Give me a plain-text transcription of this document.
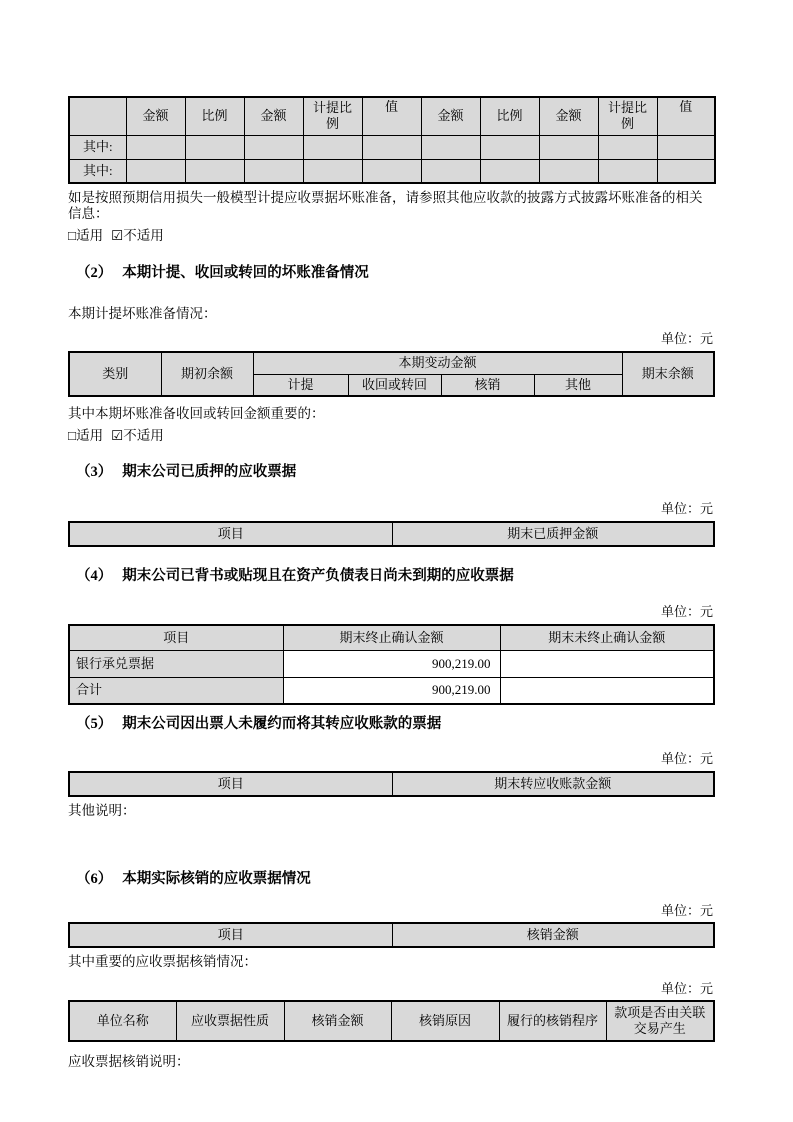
	金额	比例	金额	计提比例	值	金额	比例	金额	计提比例	值
其中:										
其中:										

如是按照预期信用损失一般模型计提应收票据坏账准备，请参照其他应收款的披露方式披露坏账准备的相关信息：

□适用 ☑不适用

（2） 本期计提、收回或转回的坏账准备情况

本期计提坏账准备情况：

单位：元

类别	期初余额	本期变动金额				期末余额
		计提	收回或转回	核销	其他	

其中本期坏账准备收回或转回金额重要的：

□适用 ☑不适用

（3） 期末公司已质押的应收票据

单位：元

项目	期末已质押金额

（4） 期末公司已背书或贴现且在资产负债表日尚未到期的应收票据

单位：元

项目	期末终止确认金额	期末未终止确认金额
银行承兑票据	900,219.00	
合计	900,219.00	

（5） 期末公司因出票人未履约而将其转应收账款的票据

单位：元

项目	期末转应收账款金额

其他说明：

（6） 本期实际核销的应收票据情况

单位：元

项目	核销金额

其中重要的应收票据核销情况：

单位：元

单位名称	应收票据性质	核销金额	核销原因	履行的核销程序	款项是否由关联交易产生

应收票据核销说明：
